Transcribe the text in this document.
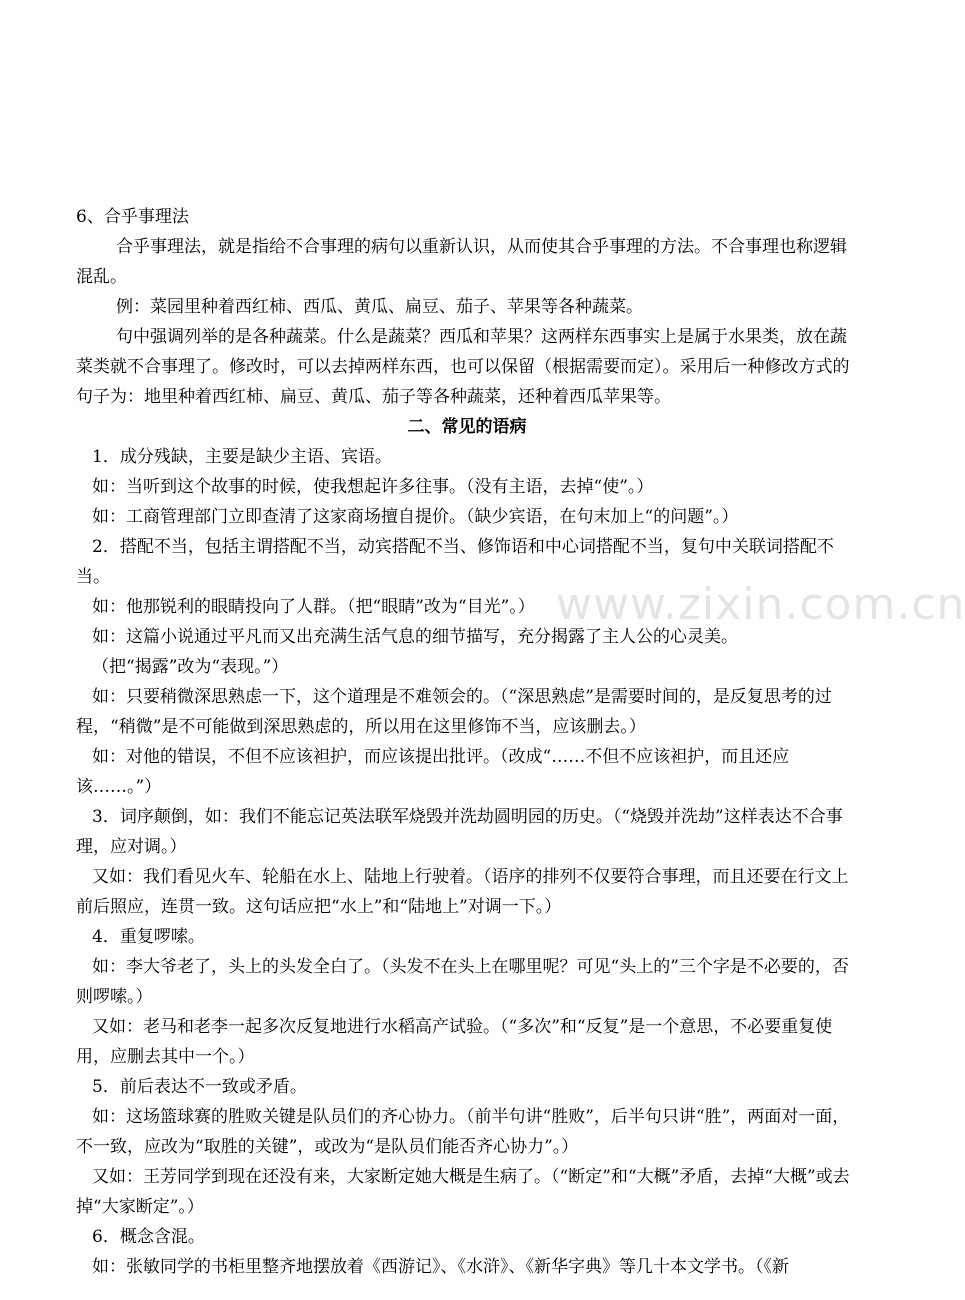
www.zixin.com.cn

6、合乎事理法

合乎事理法，就是指给不合事理的病句以重新认识，从而使其合乎事理的方法。不合事理也称逻辑混乱。

例：菜园里种着西红柿、西瓜、黄瓜、扁豆、茄子、苹果等各种蔬菜。

句中强调列举的是各种蔬菜。什么是蔬菜？西瓜和苹果？这两样东西事实上是属于水果类，放在蔬菜类就不合事理了。修改时，可以去掉两样东西，也可以保留（根据需要而定）。采用后一种修改方式的句子为：地里种着西红柿、扁豆、黄瓜、茄子等各种蔬菜，还种着西瓜苹果等。

二、常见的语病

1．成分残缺，主要是缺少主语、宾语。

如：当听到这个故事的时候，使我想起许多往事。（没有主语，去掉“使”。）

如：工商管理部门立即查清了这家商场擅自提价。（缺少宾语，在句末加上“的问题”。）

2．搭配不当，包括主谓搭配不当，动宾搭配不当、修饰语和中心词搭配不当，复句中关联词搭配不当。

如：他那锐利的眼睛投向了人群。（把“眼睛”改为“目光”。）

如：这篇小说通过平凡而又出充满生活气息的细节描写，充分揭露了主人公的心灵美。

（把“揭露”改为“表现。”）

如：只要稍微深思熟虑一下，这个道理是不难领会的。（“深思熟虑”是需要时间的，是反复思考的过程，“稍微”是不可能做到深思熟虑的，所以用在这里修饰不当，应该删去。）

如：对他的错误，不但不应该袒护，而应该提出批评。（改成“……不但不应该袒护，而且还应该……。”）

3．词序颠倒，如：我们不能忘记英法联军烧毁并洗劫圆明园的历史。（“烧毁并洗劫”这样表达不合事理，应对调。）

又如：我们看见火车、轮船在水上、陆地上行驶着。（语序的排列不仅要符合事理，而且还要在行文上前后照应，连贯一致。这句话应把“水上”和“陆地上”对调一下。）

4．重复啰嗦。

如：李大爷老了，头上的头发全白了。（头发不在头上在哪里呢？可见“头上的”三个字是不必要的，否则啰嗦。）

又如：老马和老李一起多次反复地进行水稻高产试验。（“多次”和“反复”是一个意思，不必要重复使用，应删去其中一个。）

5．前后表达不一致或矛盾。

如：这场篮球赛的胜败关键是队员们的齐心协力。（前半句讲“胜败”，后半句只讲“胜”，两面对一面，不一致，应改为“取胜的关键”，或改为“是队员们能否齐心协力”。）

又如：王芳同学到现在还没有来，大家断定她大概是生病了。（“断定”和“大概”矛盾，去掉“大概”或去掉“大家断定”。）

6．概念含混。

如：张敏同学的书柜里整齐地摆放着《西游记》、《水浒》、《新华字典》等几十本文学书。（《新
